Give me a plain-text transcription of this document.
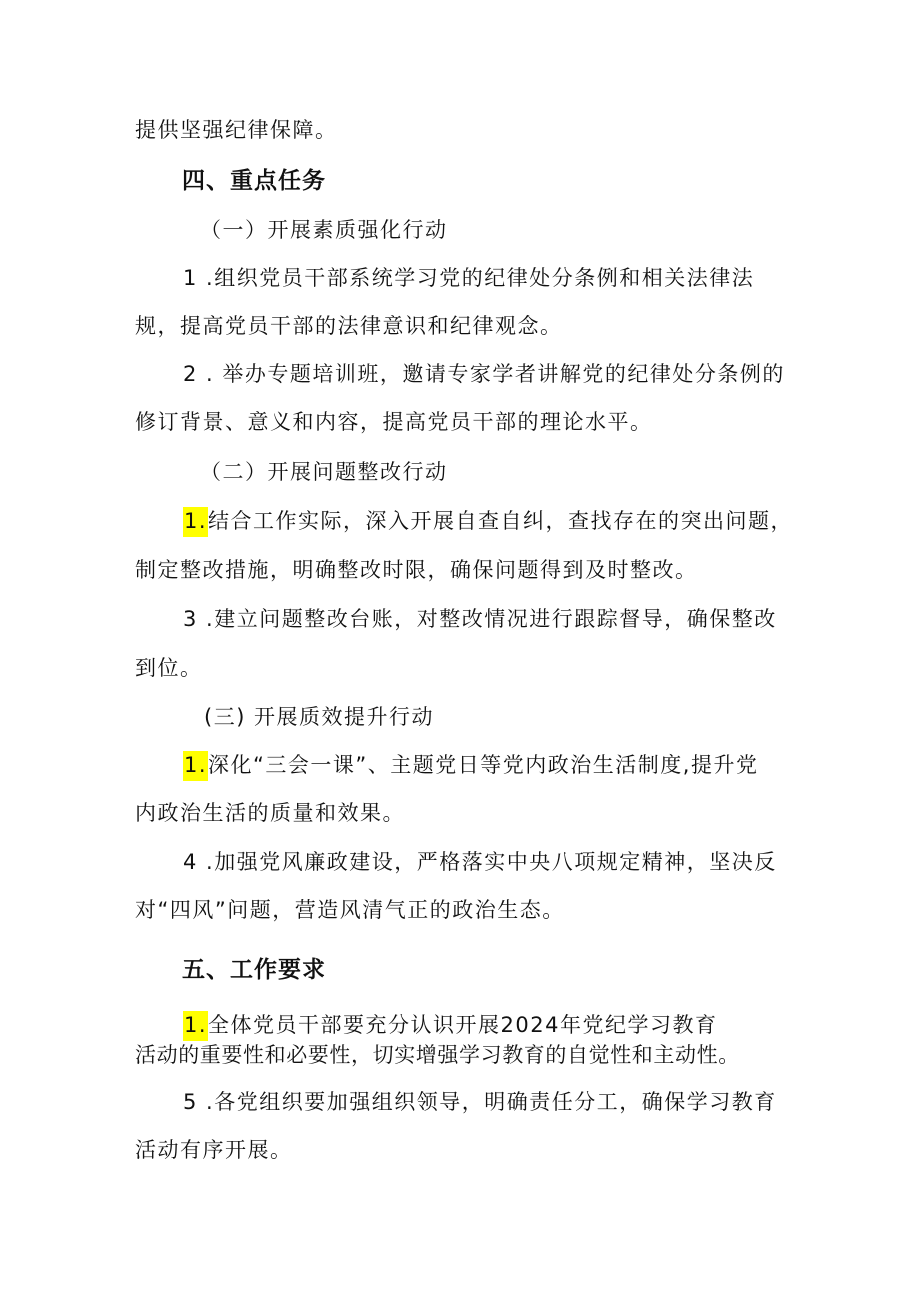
提供坚强纪律保障。
四、重点任务
（一）开展素质强化行动
1 .组织党员干部系统学习党的纪律处分条例和相关法律法
规，提高党员干部的法律意识和纪律观念。
2 . 举办专题培训班，邀请专家学者讲解党的纪律处分条例的
修订背景、意义和内容，提高党员干部的理论水平。
（二）开展问题整改行动
1.结合工作实际，深入开展自查自纠，查找存在的突出问题，
制定整改措施，明确整改时限，确保问题得到及时整改。
3 .建立问题整改台账，对整改情况进行跟踪督导，确保整改
到位。
(三) 开展质效提升行动
1.深化“三会一课”、主题党日等党内政治生活制度,提升党
内政治生活的质量和效果。
4 .加强党风廉政建设，严格落实中央八项规定精神，坚决反
对“四风”问题，营造风清气正的政治生态。
五、工作要求
1.全体党员干部要充分认识开展2024年党纪学习教育
活动的重要性和必要性，切实增强学习教育的自觉性和主动性。
5 .各党组织要加强组织领导，明确责任分工，确保学习教育
活动有序开展。
